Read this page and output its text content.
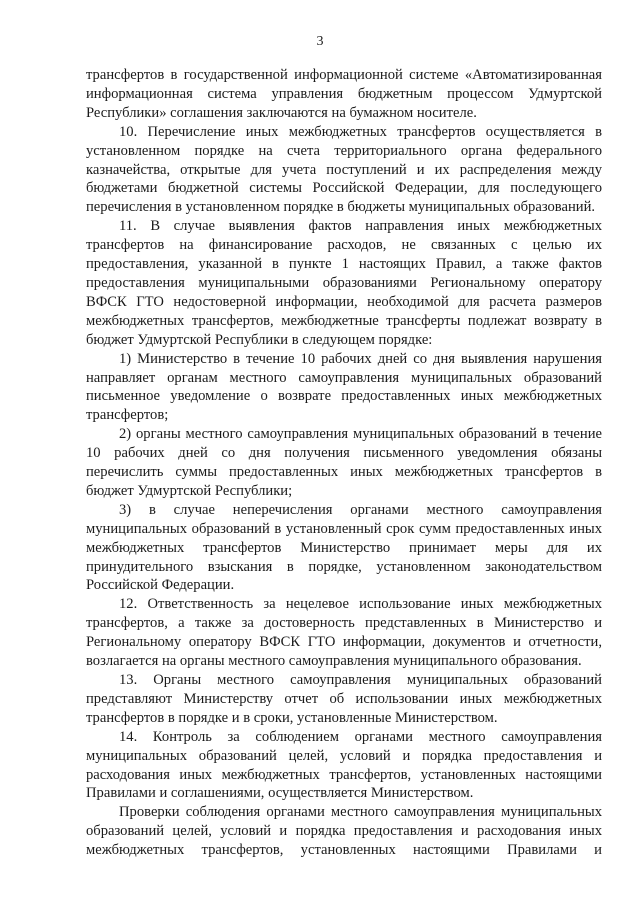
3

трансфертов в государственной информационной системе «Автоматизированная информационная система управления бюджетным процессом Удмуртской Республики» соглашения заключаются на бумажном носителе.

10. Перечисление иных межбюджетных трансфертов осуществляется в установленном порядке на счета территориального органа федерального казначейства, открытые для учета поступлений и их распределения между бюджетами бюджетной системы Российской Федерации, для последующего перечисления в установленном порядке в бюджеты муниципальных образований.

11. В случае выявления фактов направления иных межбюджетных трансфертов на финансирование расходов, не связанных с целью их предоставления, указанной в пункте 1 настоящих Правил, а также фактов предоставления муниципальными образованиями Региональному оператору ВФСК ГТО недостоверной информации, необходимой для расчета размеров межбюджетных трансфертов, межбюджетные трансферты подлежат возврату в бюджет Удмуртской Республики в следующем порядке:

1) Министерство в течение 10 рабочих дней со дня выявления нарушения направляет органам местного самоуправления муниципальных образований письменное уведомление о возврате предоставленных иных межбюджетных трансфертов;

2) органы местного самоуправления муниципальных образований в течение 10 рабочих дней со дня получения письменного уведомления обязаны перечислить суммы предоставленных иных межбюджетных трансфертов в бюджет Удмуртской Республики;

3) в случае неперечисления органами местного самоуправления муниципальных образований в установленный срок сумм предоставленных иных межбюджетных трансфертов Министерство принимает меры для их принудительного взыскания в порядке, установленном законодательством Российской Федерации.

12. Ответственность за нецелевое использование иных межбюджетных трансфертов, а также за достоверность представленных в Министерство и Региональному оператору ВФСК ГТО информации, документов и отчетности, возлагается на органы местного самоуправления муниципального образования.

13. Органы местного самоуправления муниципальных образований представляют Министерству отчет об использовании иных межбюджетных трансфертов в порядке и в сроки, установленные Министерством.

14. Контроль за соблюдением органами местного самоуправления муниципальных образований целей, условий и порядка предоставления и расходования иных межбюджетных трансфертов, установленных настоящими Правилами и соглашениями, осуществляется Министерством.

Проверки соблюдения органами местного самоуправления муниципальных образований целей, условий и порядка предоставления и расходования иных межбюджетных трансфертов, установленных настоящими Правилами и
